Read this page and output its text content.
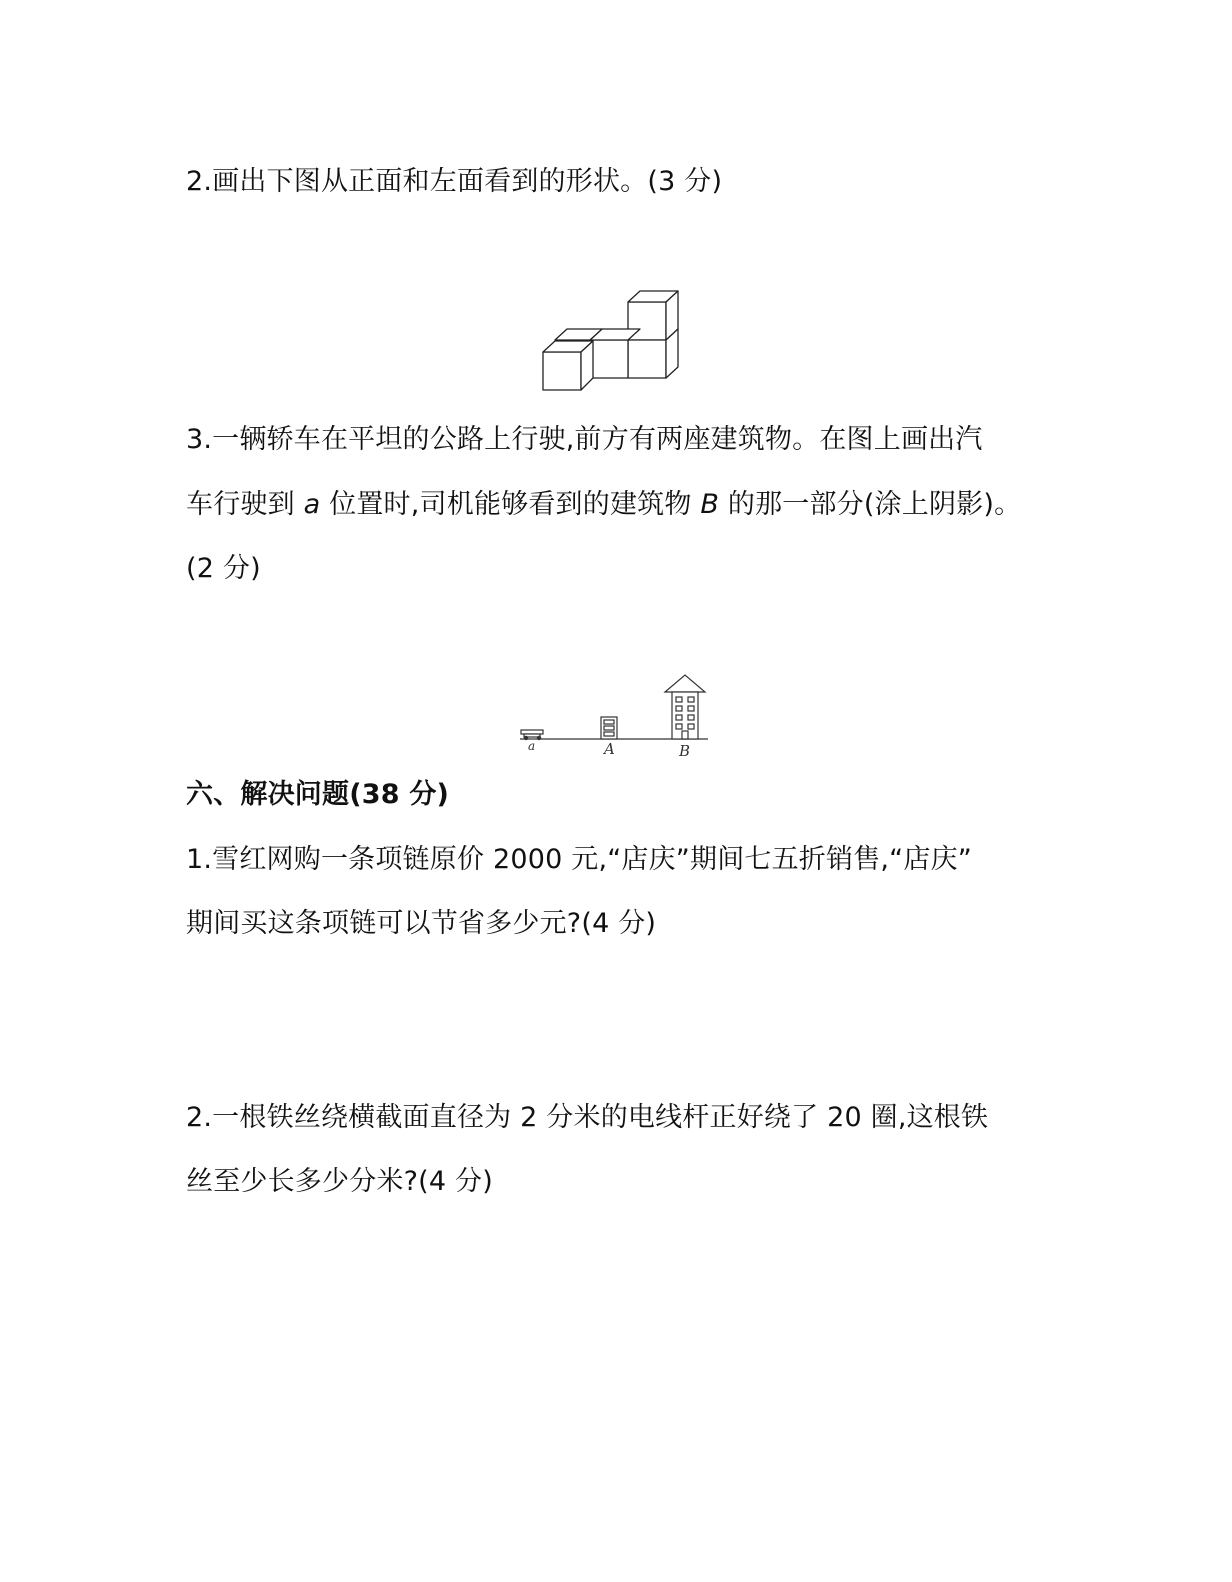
2.画出下图从正面和左面看到的形状。(3 分)
3.一辆轿车在平坦的公路上行驶,前方有两座建筑物。在图上画出汽
车行驶到 a 位置时,司机能够看到的建筑物 B 的那一部分(涂上阴影)。
(2 分)
a	A	B
六、解决问题(38 分)
1.雪红网购一条项链原价 2000 元,“店庆”期间七五折销售,“店庆”
期间买这条项链可以节省多少元?(4 分)
2.一根铁丝绕横截面直径为 2 分米的电线杆正好绕了 20 圈,这根铁
丝至少长多少分米?(4 分)
